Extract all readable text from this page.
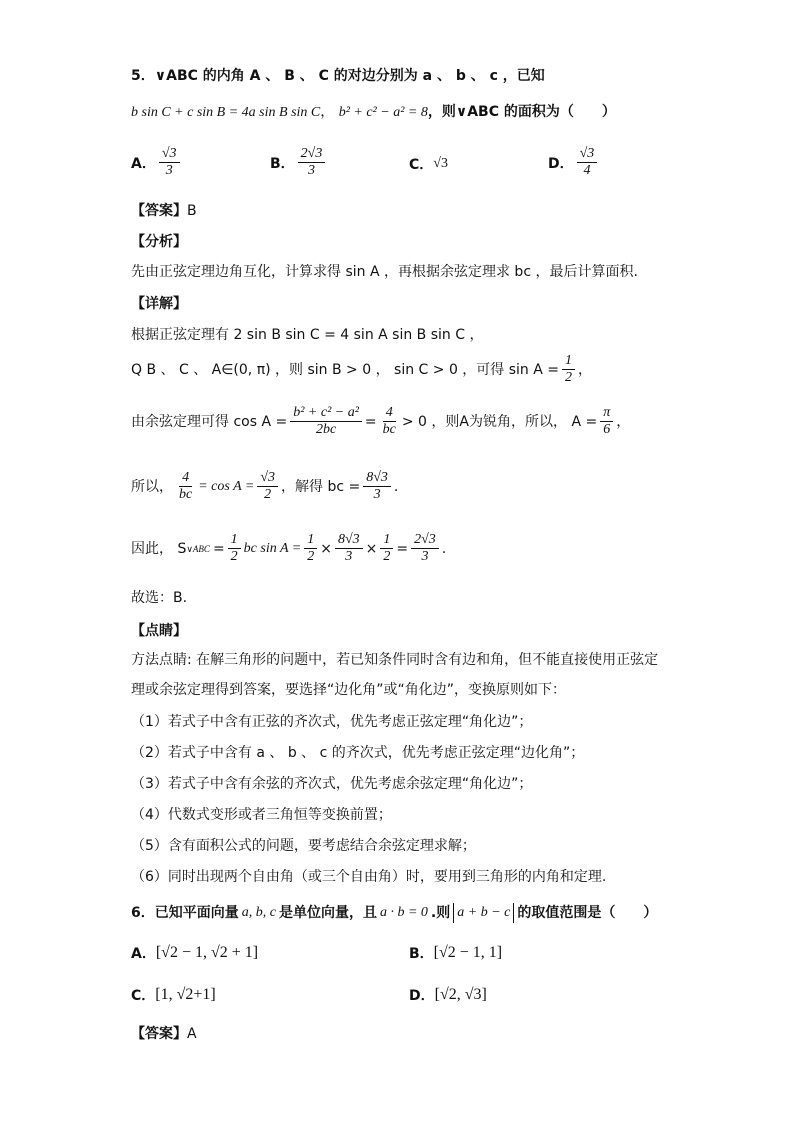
5．∨ABC 的内角 A 、 B 、 C 的对边分别为 a 、 b 、 c ，已知
b sin C + c sin B = 4a sin B sin C， b² + c² − a² = 8，则∨ABC 的面积为（　　）
A． $\frac{√3}{3}$	B． $\frac{2√3}{3}$	C． √3	D． $\frac{√3}{4}$
【答案】B
【分析】
先由正弦定理边角互化，计算求得 sin A ，再根据余弦定理求 bc ，最后计算面积.
【详解】
根据正弦定理有 2 sin B sin C = 4 sin A sin B sin C ，
Q B 、 C 、 A∈(0, π) ，则 sin B > 0 ， sin C > 0 ，可得 $\sin A = \frac{1}{2}$ ，
由余弦定理可得 $\cos A = \frac{\text{b² + c² − a²}}{2bc} = \frac{4}{bc} > 0$ ，则A为锐角，所以， $A = \frac{\pi}{6}$ ，
所以， $\frac{4}{bc} = \cos A = \frac{√3}{2}$ ，解得 bc = $\frac{8√3}{3}$ .
因此， S ∨ABC = $\frac{1}{2}$ bc $\sin A = \frac{1}{2} \times \frac{8√3}{3} \times \frac{1}{2} = \frac{2√3}{3}$ .
故选：B.
【点睛】
方法点睛: 在解三角形的问题中，若已知条件同时含有边和角，但不能直接使用正弦定
理或余弦定理得到答案，要选择“边化角”或“角化边”，变换原则如下：
（1）若式子中含有正弦的齐次式，优先考虑正弦定理“角化边”；
（2）若式子中含有 a 、 b 、 c 的齐次式，优先考虑正弦定理“边化角”；
（3）若式子中含有余弦的齐次式，优先考虑余弦定理“角化边”；
（4）代数式变形或者三角恒等变换前置；
（5）含有面积公式的问题，要考虑结合余弦定理求解；
（6）同时出现两个自由角（或三个自由角）时，要用到三角形的内角和定理.
6． 已知平面向量 a, b, c 是单位向量，且 a · b = 0 .则 a + b − c 的取值范围是（　　）
A． [√2 − 1, √2 + 1]	B． [√2 − 1, 1]
C． [1, √2+1]	D． [√2, √3]
【答案】A
